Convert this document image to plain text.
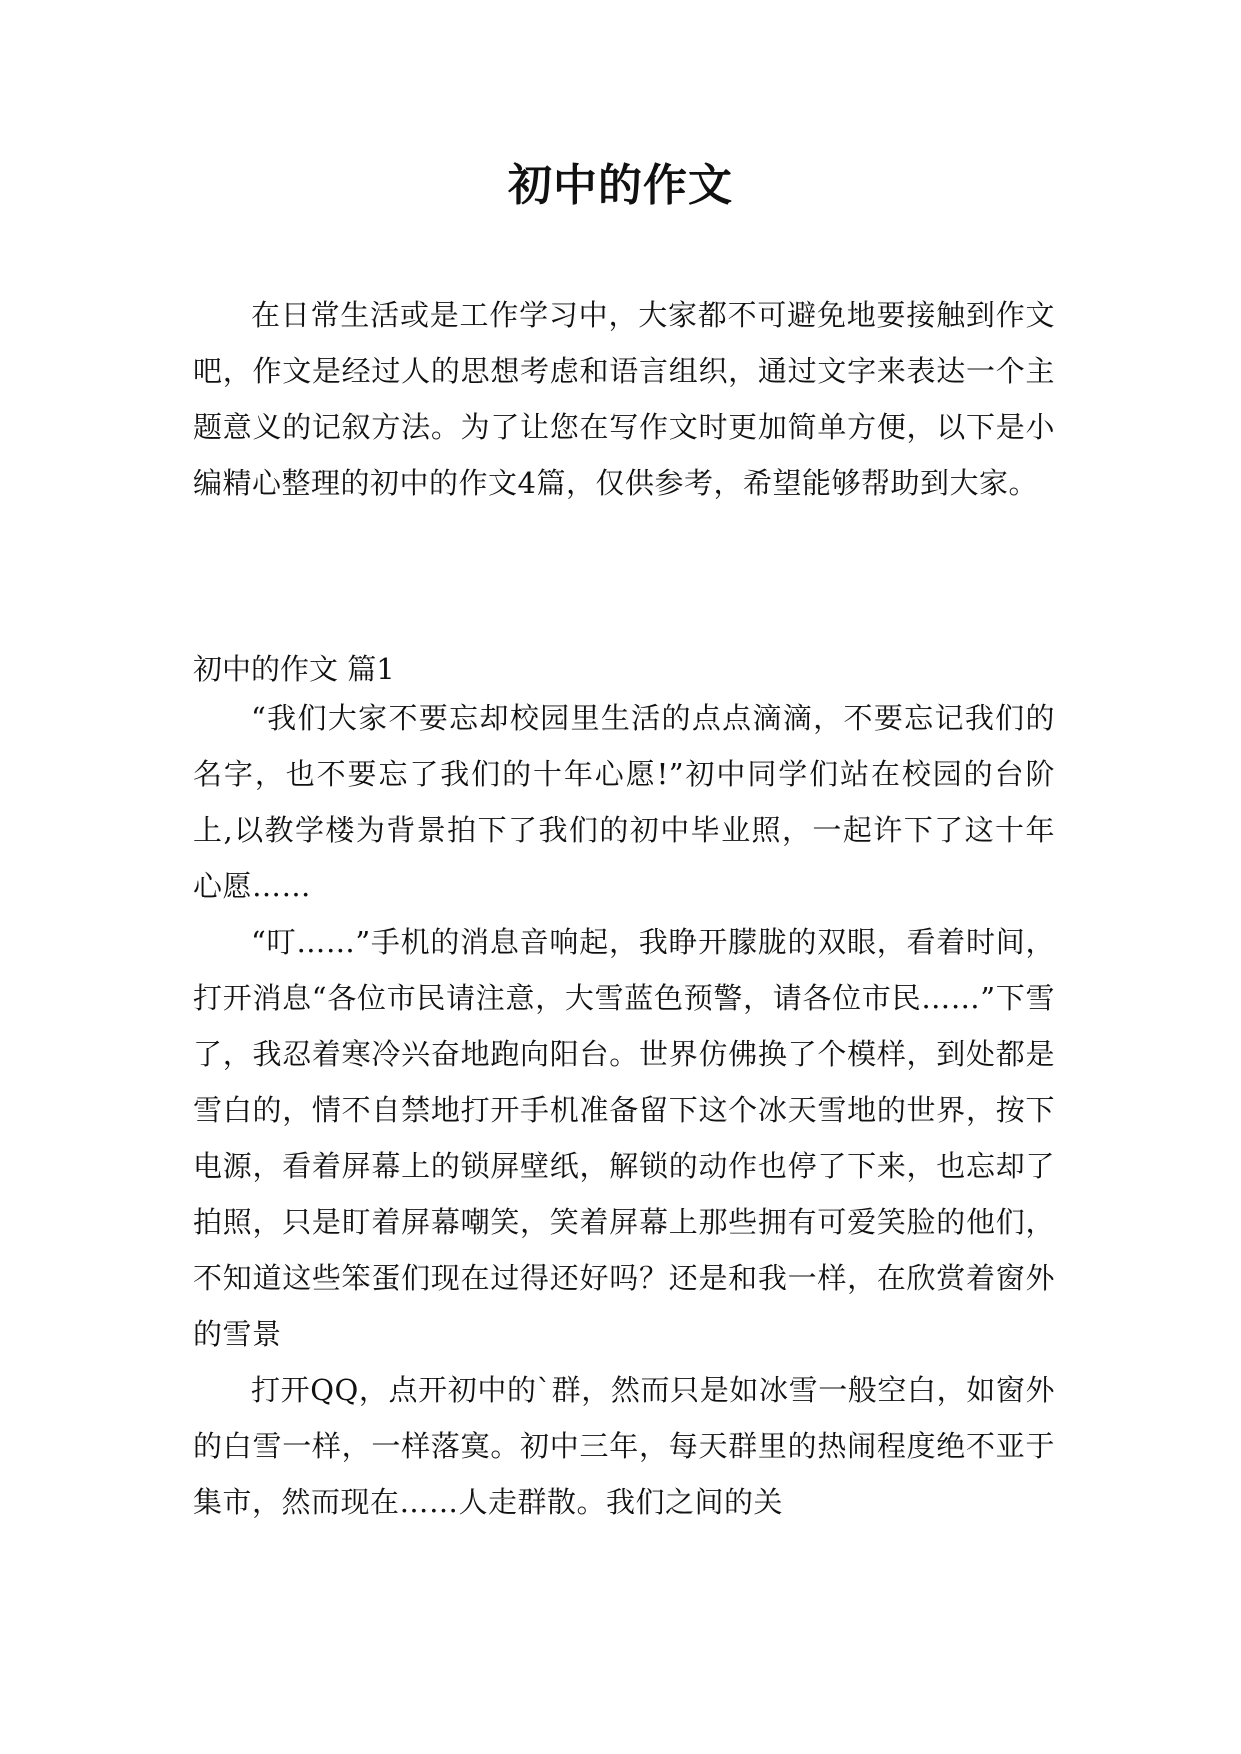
初中的作文

在日常生活或是工作学习中，大家都不可避免地要接触到作文吧，作文是经过人的思想考虑和语言组织，通过文字来表达一个主题意义的记叙方法。为了让您在写作文时更加简单方便，以下是小编精心整理的初中的作文4篇，仅供参考，希望能够帮助到大家。

初中的作文 篇1

“我们大家不要忘却校园里生活的点点滴滴，不要忘记我们的名字，也不要忘了我们的十年心愿!”初中同学们站在校园的台阶上,以教学楼为背景拍下了我们的初中毕业照，一起许下了这十年心愿……

“叮……”手机的消息音响起，我睁开朦胧的双眼，看着时间，打开消息“各位市民请注意，大雪蓝色预警，请各位市民……”下雪了，我忍着寒冷兴奋地跑向阳台。世界仿佛换了个模样，到处都是雪白的，情不自禁地打开手机准备留下这个冰天雪地的世界，按下电源，看着屏幕上的锁屏壁纸，解锁的动作也停了下来，也忘却了拍照，只是盯着屏幕嘲笑，笑着屏幕上那些拥有可爱笑脸的他们，不知道这些笨蛋们现在过得还好吗？还是和我一样，在欣赏着窗外的雪景

打开QQ，点开初中的`群，然而只是如冰雪一般空白，如窗外的白雪一样，一样落寞。初中三年，每天群里的热闹程度绝不亚于集市，然而现在……人走群散。我们之间的关
